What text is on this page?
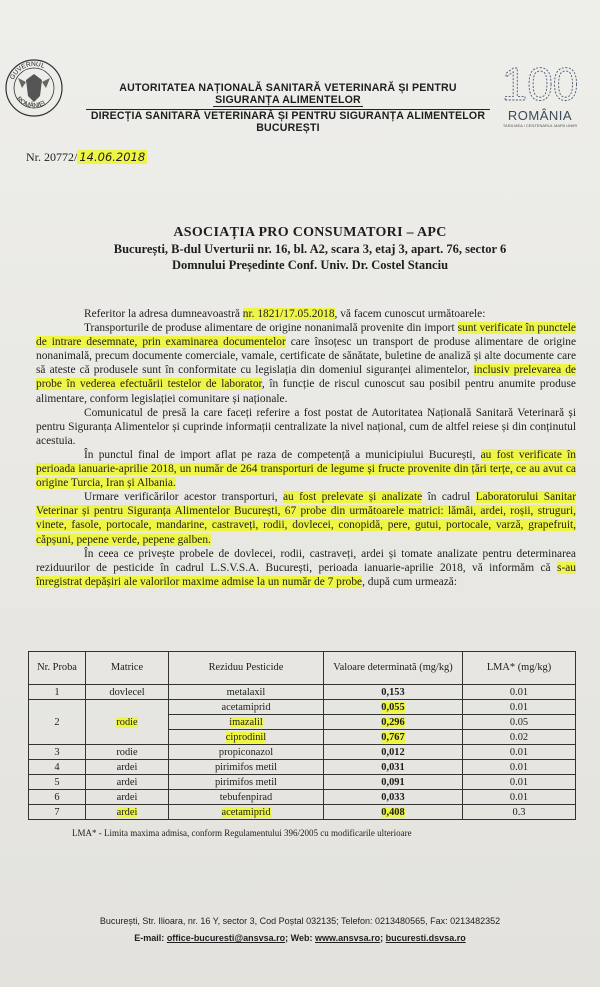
GUVERNUL
ROMÂNIEI
AUTORITATEA NAȚIONALĂ SANITARĂ VETERINARĂ ȘI PENTRU
SIGURANȚA ALIMENTELOR
DIRECȚIA SANITARĂ VETERINARĂ ȘI PENTRU SIGURANȚA ALIMENTELOR
BUCUREȘTI
100
ROMÂNIA
TARA MEA / CENTENARUL MARII UNIRI
Nr. 20772/ 14.06.2018
ASOCIAȚIA PRO CONSUMATORI – APC
București, B-dul Uverturii nr. 16, bl. A2, scara 3, etaj 3, apart. 76, sector 6
Domnului Președinte Conf. Univ. Dr. Costel Stanciu

Referitor la adresa dumneavoastră nr. 1821/17.05.2018, vă facem cunoscut următoarele:

Transporturile de produse alimentare de origine nonanimală provenite din import sunt verificate în punctele de intrare desemnate, prin examinarea documentelor care însoțesc un transport de produse alimentare de origine nonanimală, precum documente comerciale, vamale, certificate de sănătate, buletine de analiză și alte documente care să ateste că produsele sunt în conformitate cu legislația din domeniul siguranței alimentelor, inclusiv prelevarea de probe în vederea efectuării testelor de laborator, în funcție de riscul cunoscut sau posibil pentru anumite produse alimentare, conform legislației comunitare și naționale.

Comunicatul de presă la care faceți referire a fost postat de Autoritatea Națională Sanitară Veterinară și pentru Siguranța Alimentelor și cuprinde informații centralizate la nivel național, cum de altfel reiese și din conținutul acestuia.

În punctul final de import aflat pe raza de competență a municipiului București, au fost verificate în perioada ianuarie-aprilie 2018, un număr de 264 transporturi de legume și fructe provenite din țări terțe, ce au avut ca origine Turcia, Iran și Albania.

Urmare verificărilor acestor transporturi, au fost prelevate și analizate în cadrul Laboratorului Sanitar Veterinar și pentru Siguranța Alimentelor București, 67 probe din următoarele matrici: lămâi, ardei, roșii, struguri, vinete, fasole, portocale, mandarine, castraveți, rodii, dovlecei, conopidă, pere, gutui, portocale, varză, grapefruit, căpșuni, pepene verde, pepene galben.

În ceea ce privește probele de dovlecei, rodii, castraveți, ardei și tomate analizate pentru determinarea reziduurilor de pesticide în cadrul L.S.V.S.A. București, perioada ianuarie-aprilie 2018, vă informăm că s-au înregistrat depășiri ale valorilor maxime admise la un număr de 7 probe, după cum urmează:

Nr. Proba	Matrice	Reziduu Pesticide	Valoare determinată (mg/kg)	LMA* (mg/kg)
1	dovlecel	metalaxil	0,153	0.01
2	rodie	acetamiprid	0,055	0.01
		imazalil	0,296	0.05
		ciprodinil	0,767	0.02
3	rodie	propiconazol	0,012	0.01
4	ardei	pirimifos metil	0,031	0.01
5	ardei	pirimifos metil	0,091	0.01
6	ardei	tebufenpirad	0,033	0.01
7	ardei	acetamiprid	0,408	0.3
LMA* - Limita maxima admisa, conform Regulamentului 396/2005 cu modificarile ulterioare
București, Str. Ilioara, nr. 16 Y, sector 3, Cod Poștal 032135; Telefon: 0213480565, Fax: 0213482352
E-mail: office-bucuresti@ansvsa.ro; Web: www.ansvsa.ro; bucuresti.dsvsa.ro
